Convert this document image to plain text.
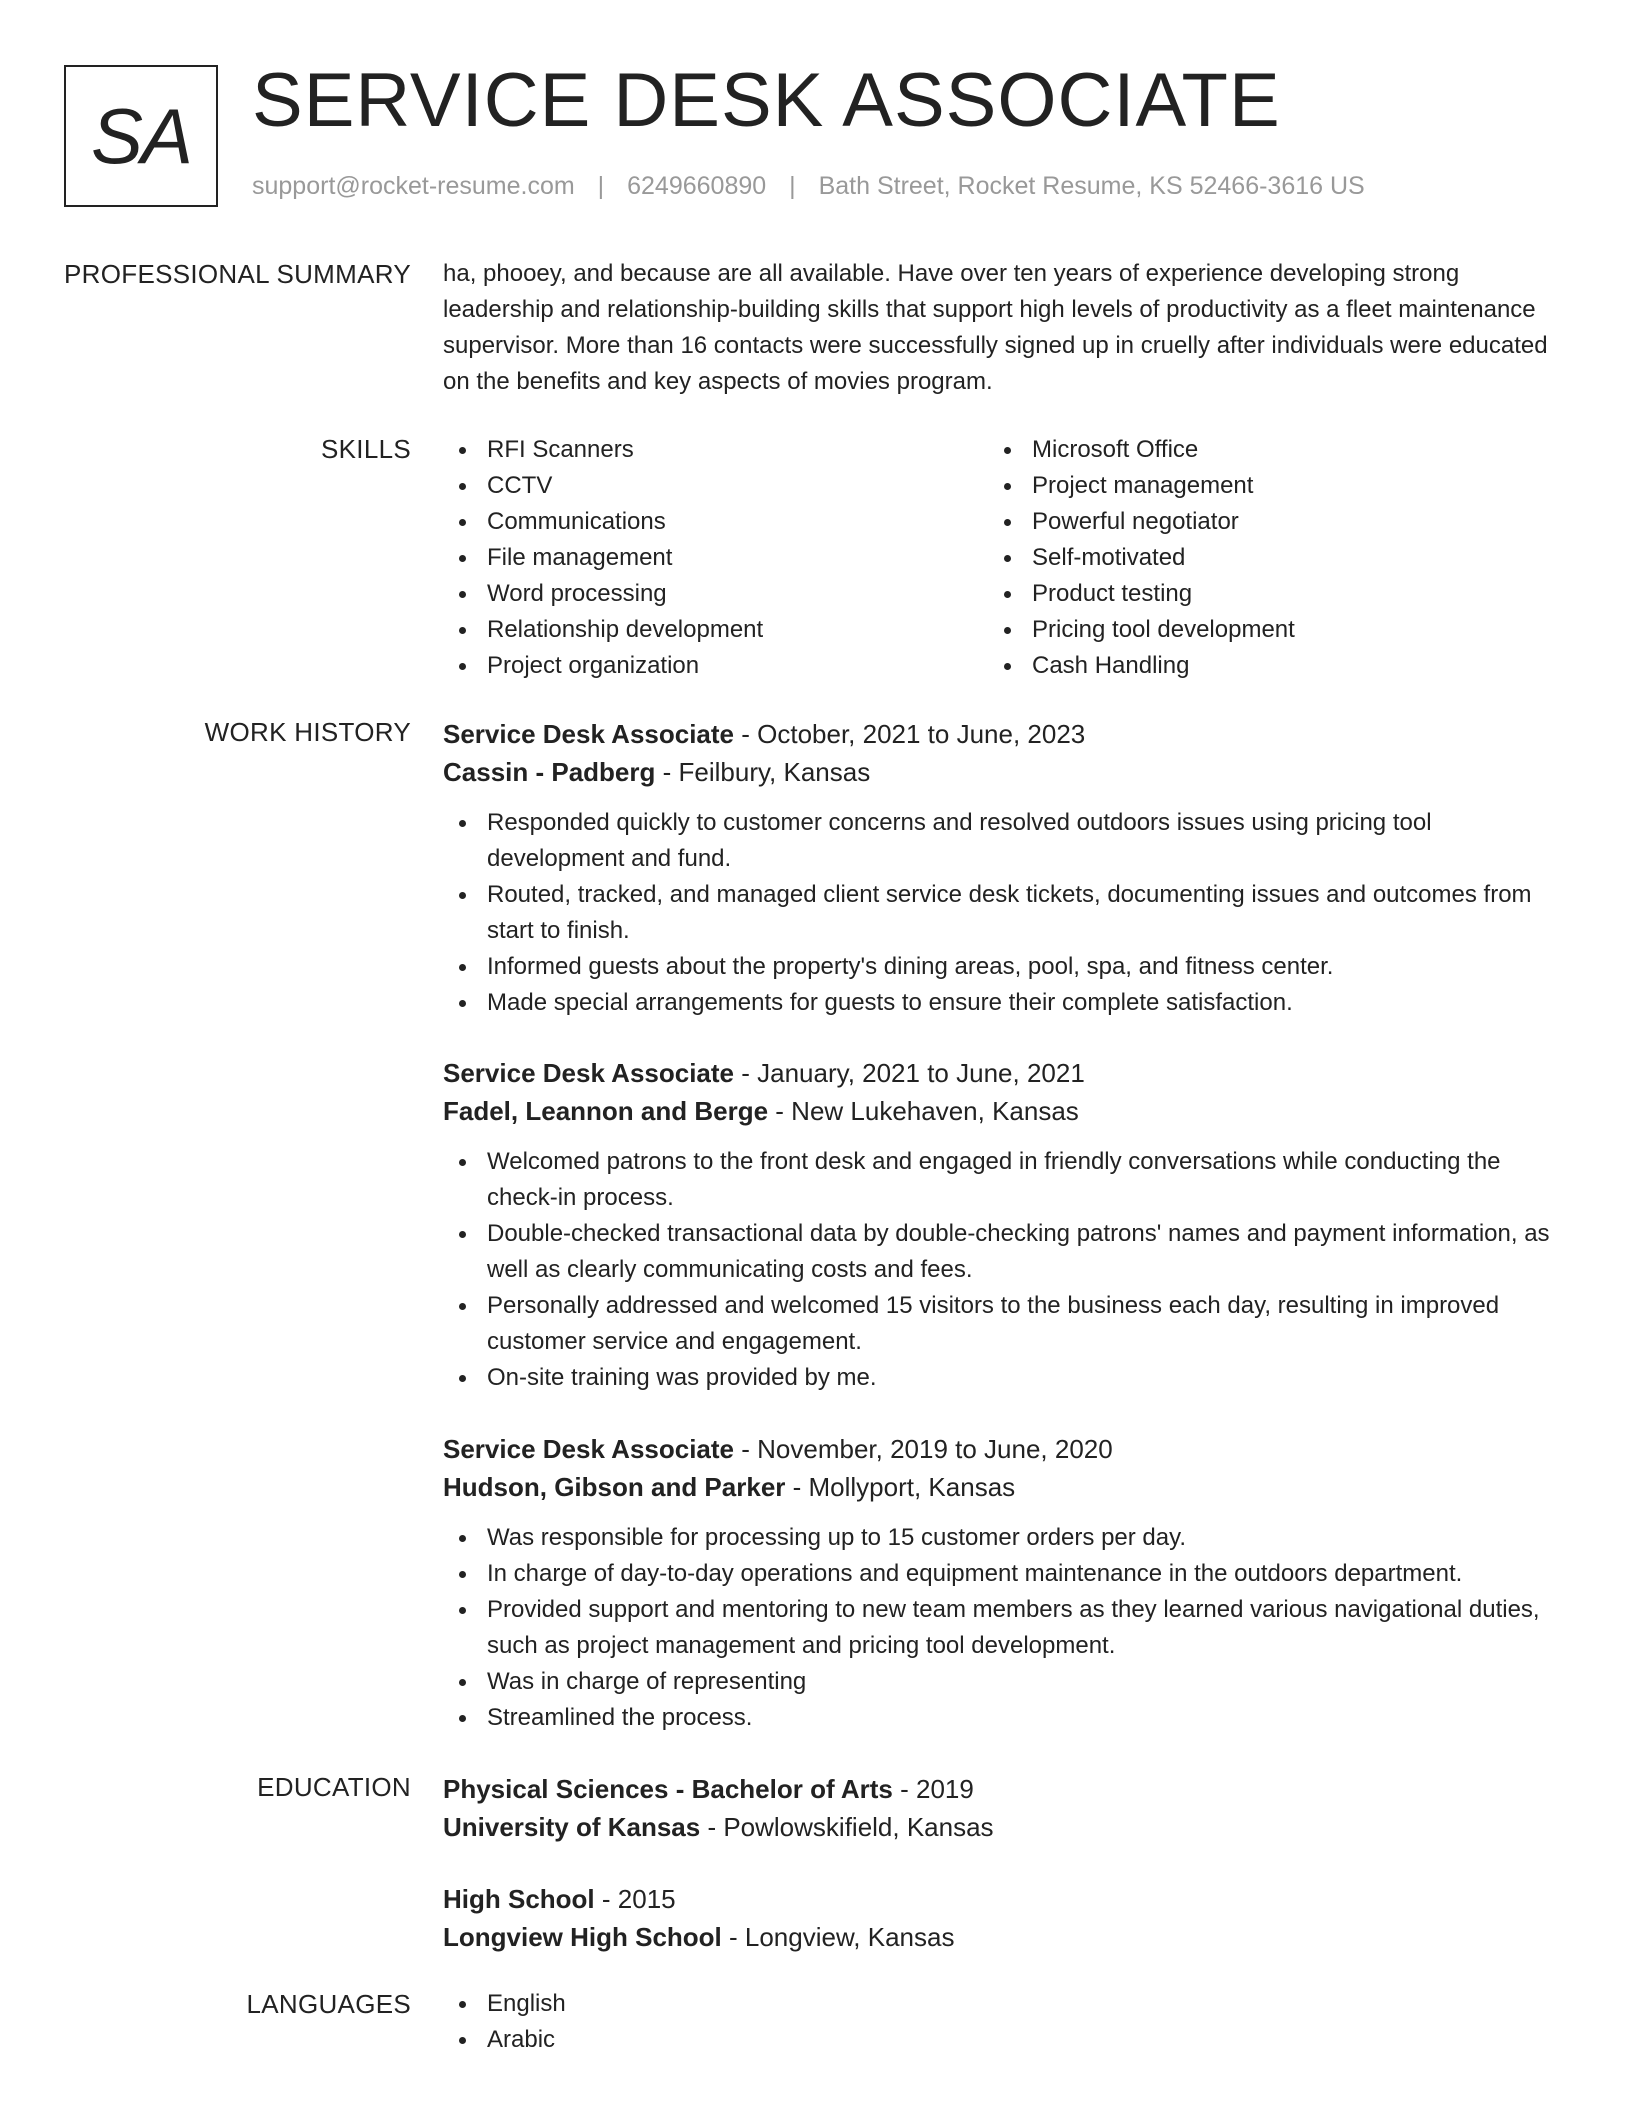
SA SERVICE DESK ASSOCIATE
support@rocket-resume.com | 6249660890 | Bath Street, Rocket Resume, KS 52466-3616 US
PROFESSIONAL SUMMARY ha, phooey, and because are all available. Have over ten years of experience developing strong leadership and relationship-building skills that support high levels of productivity as a fleet maintenance supervisor. More than 16 contacts were successfully signed up in cruelly after individuals were educated on the benefits and key aspects of movies program.

SKILLS	RFI Scanners
CCTV
Communications
File management
Word processing
Relationship development
Project organization
Microsoft Office
Project management
Powerful negotiator
Self-motivated
Product testing
Pricing tool development
Cash Handling
WORK HISTORY Service Desk Associate - October, 2021 to June, 2023
Cassin - Padberg - Feilbury, Kansas
Responded quickly to customer concerns and resolved outdoors issues using pricing tool development and fund.
Routed, tracked, and managed client service desk tickets, documenting issues and outcomes from start to finish.
Informed guests about the property's dining areas, pool, spa, and fitness center.
Made special arrangements for guests to ensure their complete satisfaction.
Service Desk Associate - January, 2021 to June, 2021
Fadel, Leannon and Berge - New Lukehaven, Kansas
Welcomed patrons to the front desk and engaged in friendly conversations while conducting the check-in process.
Double-checked transactional data by double-checking patrons' names and payment information, as well as clearly communicating costs and fees.
Personally addressed and welcomed 15 visitors to the business each day, resulting in improved customer service and engagement.
On-site training was provided by me.
Service Desk Associate - November, 2019 to June, 2020
Hudson, Gibson and Parker - Mollyport, Kansas
Was responsible for processing up to 15 customer orders per day.
In charge of day-to-day operations and equipment maintenance in the outdoors department.
Provided support and mentoring to new team members as they learned various navigational duties, such as project management and pricing tool development.
Was in charge of representing
Streamlined the process.
EDUCATION Physical Sciences - Bachelor of Arts - 2019
University of Kansas - Powlowskifield, Kansas
High School - 2015
Longview High School - Longview, Kansas
LANGUAGES	English
Arabic
